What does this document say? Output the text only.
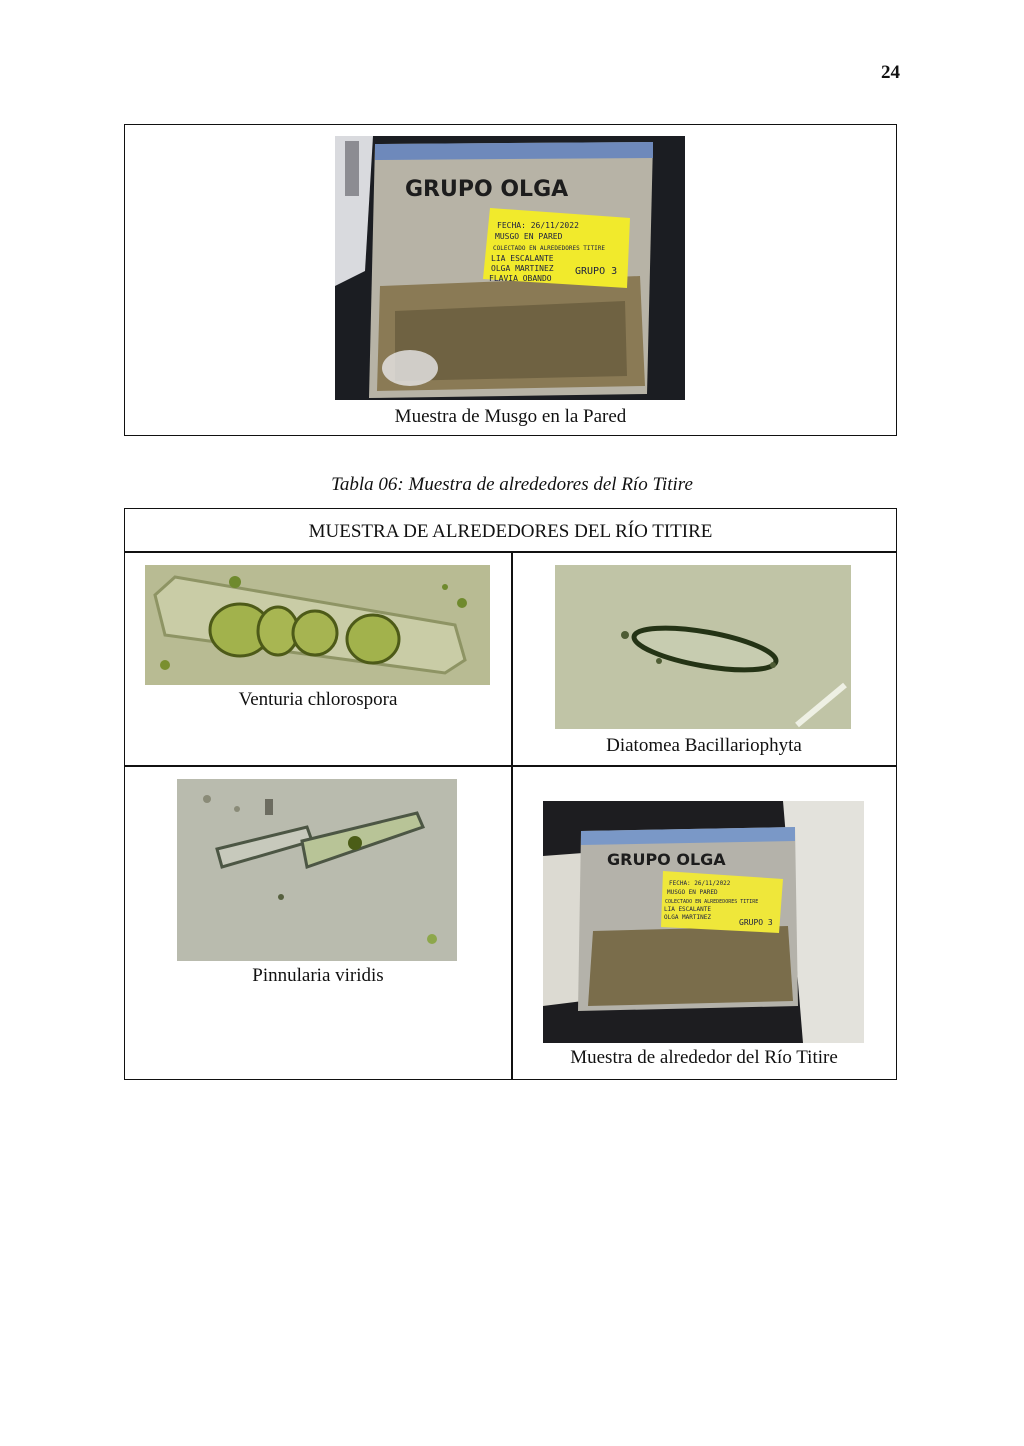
24
FECHA: 26/11/2022
MUSGO EN PARED
COLECTADO EN ALREDEDORES TITIRE
LIA ESCALANTE
OLGA MARTINEZ
FLAVIA OBANDO
GRUPO 3
GRUPO OLGA
Muestra de Musgo en la Pared
Tabla 06: Muestra de alrededores del Río Titire
MUESTRA DE ALREDEDORES DEL RÍO TITIRE
Venturia chlorospora
Diatomea Bacillariophyta
Pinnularia viridis
FECHA: 26/11/2022
MUSGO EN PARED
COLECTADO EN ALREDEDORES TITIRE
LIA ESCALANTE
OLGA MARTINEZ
GRUPO 3
GRUPO OLGA
Muestra de alrededor del Río Titire
